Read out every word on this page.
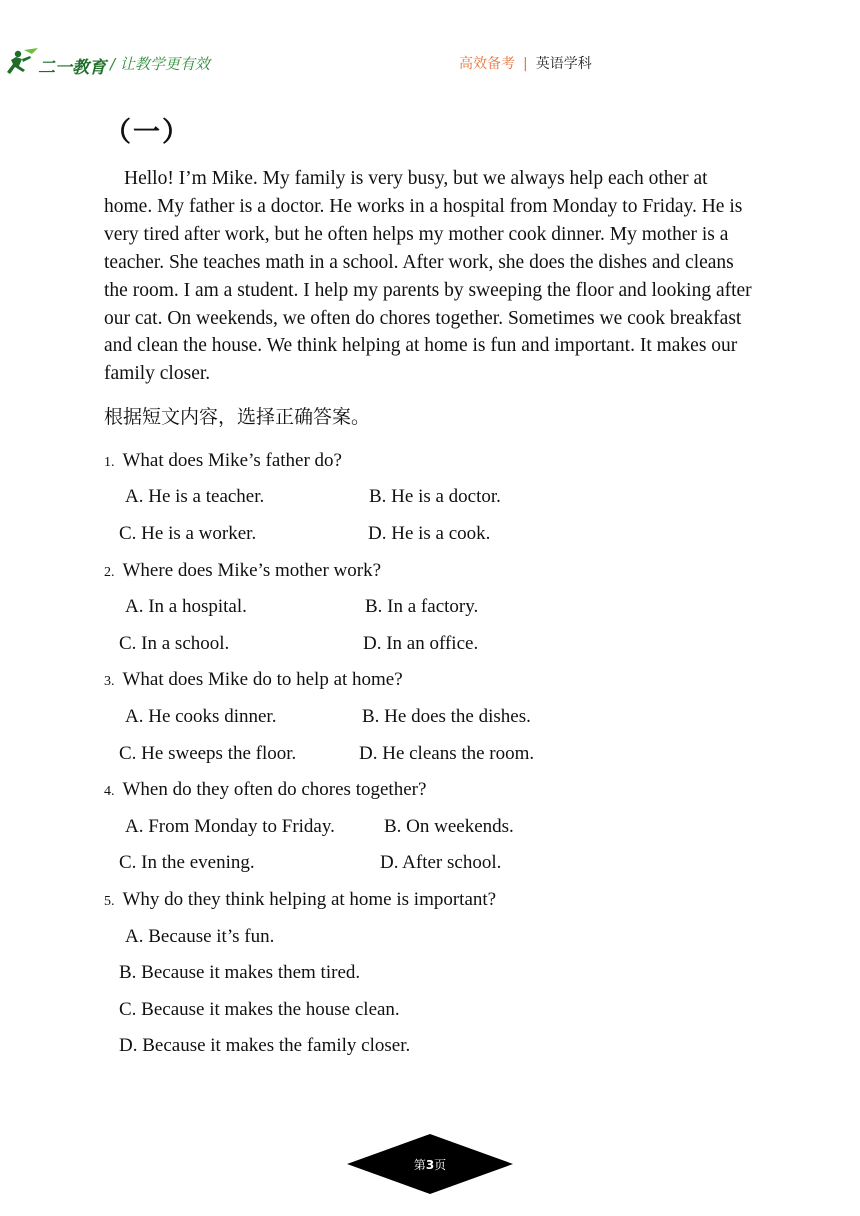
二一教育 / 让教学更有效	高效备考 | 英语学科
（一）

Hello! I’m Mike. My family is very busy, but we always help each other at home. My father is a doctor. He works in a hospital from Monday to Friday. He is very tired after work, but he often helps my mother cook dinner. My mother is a teacher. She teaches math in a school. After work, she does the dishes and cleans the room. I am a student. I help my parents by sweeping the floor and looking after our cat. On weekends, we often do chores together. Sometimes we cook breakfast and clean the house. We think helping at home is fun and important. It makes our family closer.

根据短文内容，选择正确答案。
1. What does Mike’s father do?
A. He is a teacher.	B. He is a doctor.
C. He is a worker.	D. He is a cook.
2. Where does Mike’s mother work?
A. In a hospital.	B. In a factory.
C. In a school.	D. In an office.
3. What does Mike do to help at home?
A. He cooks dinner.	B. He does the dishes.
C. He sweeps the floor.	D. He cleans the room.
4. When do they often do chores together?
A. From Monday to Friday.	B. On weekends.
C. In the evening.	D. After school.
5. Why do they think helping at home is important?
A. Because it’s fun.
B. Because it makes them tired.
C. Because it makes the house clean.
D. Because it makes the family closer.
第3页
